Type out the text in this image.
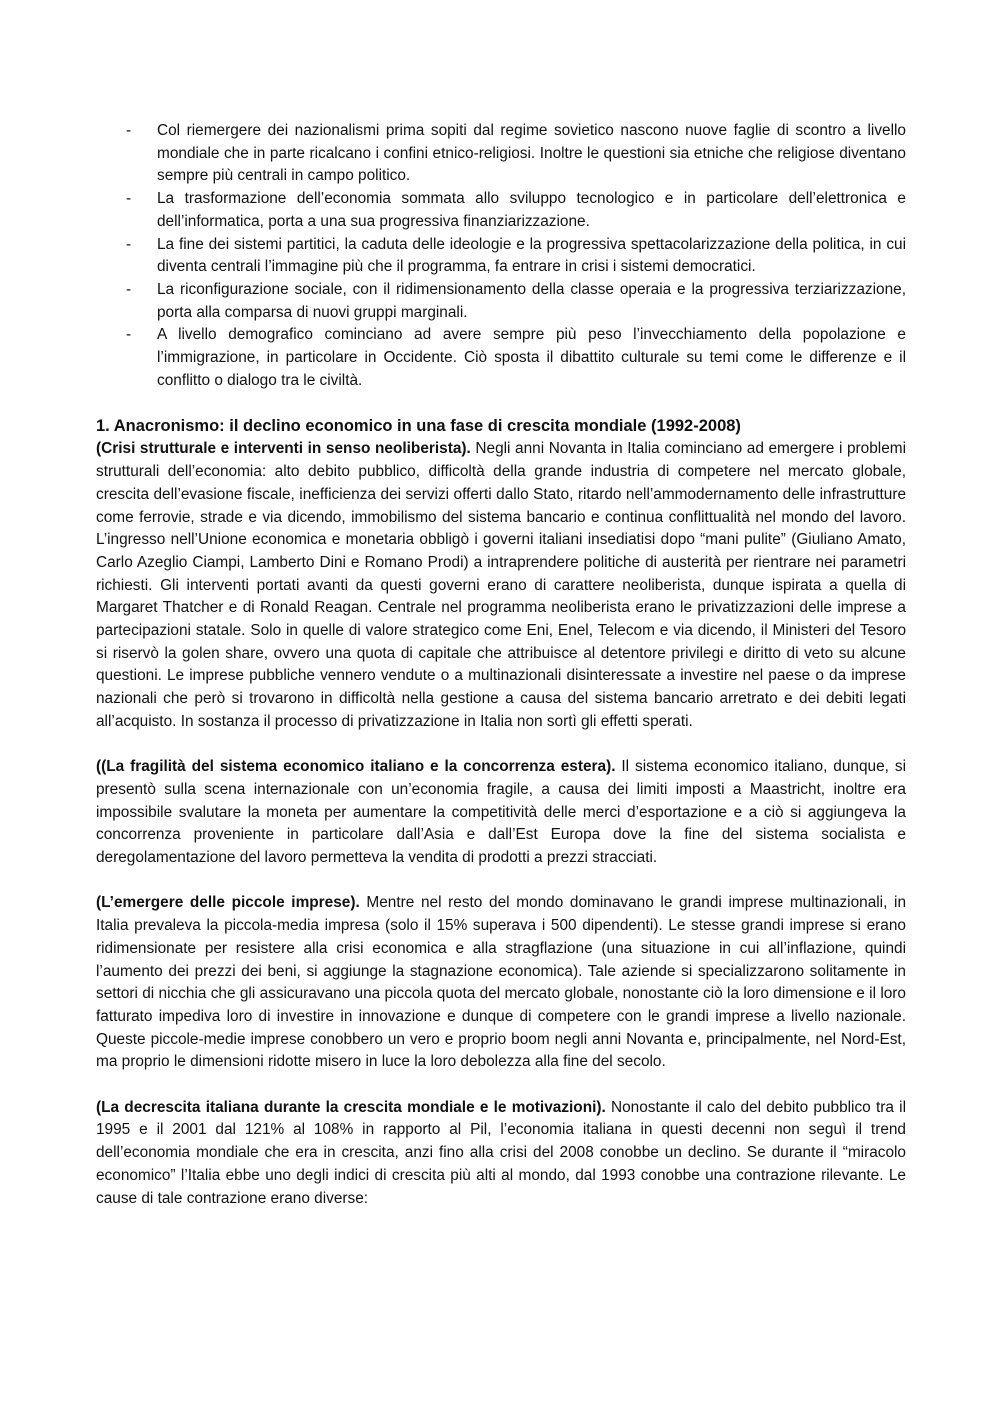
- Col riemergere dei nazionalismi prima sopiti dal regime sovietico nascono nuove faglie di scontro a livello mondiale che in parte ricalcano i confini etnico-religiosi. Inoltre le questioni sia etniche che religiose diventano sempre più centrali in campo politico.
- La trasformazione dell’economia sommata allo sviluppo tecnologico e in particolare dell’elettronica e dell’informatica, porta a una sua progressiva finanziarizzazione.
- La fine dei sistemi partitici, la caduta delle ideologie e la progressiva spettacolarizzazione della politica, in cui diventa centrali l’immagine più che il programma, fa entrare in crisi i sistemi democratici.
- La riconfigurazione sociale, con il ridimensionamento della classe operaia e la progressiva terziarizzazione, porta alla comparsa di nuovi gruppi marginali.
- A livello demografico cominciano ad avere sempre più peso l’invecchiamento della popolazione e l’immigrazione, in particolare in Occidente. Ciò sposta il dibattito culturale su temi come le differenze e il conflitto o dialogo tra le civiltà.
1. Anacronismo: il declino economico in una fase di crescita mondiale (1992-2008)

(Crisi strutturale e interventi in senso neoliberista). Negli anni Novanta in Italia cominciano ad emergere i problemi strutturali dell’economia: alto debito pubblico, difficoltà della grande industria di competere nel mercato globale, crescita dell’evasione fiscale, inefficienza dei servizi offerti dallo Stato, ritardo nell’ammodernamento delle infrastrutture come ferrovie, strade e via dicendo, immobilismo del sistema bancario e continua conflittualità nel mondo del lavoro. L’ingresso nell’Unione economica e monetaria obbligò i governi italiani insediatisi dopo “mani pulite” (Giuliano Amato, Carlo Azeglio Ciampi, Lamberto Dini e Romano Prodi) a intraprendere politiche di austerità per rientrare nei parametri richiesti. Gli interventi portati avanti da questi governi erano di carattere neoliberista, dunque ispirata a quella di Margaret Thatcher e di Ronald Reagan. Centrale nel programma neoliberista erano le privatizzazioni delle imprese a partecipazioni statale. Solo in quelle di valore strategico come Eni, Enel, Telecom e via dicendo, il Ministeri del Tesoro si riservò la golen share, ovvero una quota di capitale che attribuisce al detentore privilegi e diritto di veto su alcune questioni. Le imprese pubbliche vennero vendute o a multinazionali disinteressate a investire nel paese o da imprese nazionali che però si trovarono in difficoltà nella gestione a causa del sistema bancario arretrato e dei debiti legati all’acquisto. In sostanza il processo di privatizzazione in Italia non sortì gli effetti sperati.

((La fragilità del sistema economico italiano e la concorrenza estera). Il sistema economico italiano, dunque, si presentò sulla scena internazionale con un’economia fragile, a causa dei limiti imposti a Maastricht, inoltre era impossibile svalutare la moneta per aumentare la competitività delle merci d’esportazione e a ciò si aggiungeva la concorrenza proveniente in particolare dall’Asia e dall’Est Europa dove la fine del sistema socialista e deregolamentazione del lavoro permetteva la vendita di prodotti a prezzi stracciati.

(L’emergere delle piccole imprese). Mentre nel resto del mondo dominavano le grandi imprese multinazionali, in Italia prevaleva la piccola-media impresa (solo il 15% superava i 500 dipendenti). Le stesse grandi imprese si erano ridimensionate per resistere alla crisi economica e alla stragflazione (una situazione in cui all’inflazione, quindi l’aumento dei prezzi dei beni, si aggiunge la stagnazione economica). Tale aziende si specializzarono solitamente in settori di nicchia che gli assicuravano una piccola quota del mercato globale, nonostante ciò la loro dimensione e il loro fatturato impediva loro di investire in innovazione e dunque di competere con le grandi imprese a livello nazionale. Queste piccole-medie imprese conobbero un vero e proprio boom negli anni Novanta e, principalmente, nel Nord-Est, ma proprio le dimensioni ridotte misero in luce la loro debolezza alla fine del secolo.

(La decrescita italiana durante la crescita mondiale e le motivazioni). Nonostante il calo del debito pubblico tra il 1995 e il 2001 dal 121% al 108% in rapporto al Pil, l’economia italiana in questi decenni non seguì il trend dell’economia mondiale che era in crescita, anzi fino alla crisi del 2008 conobbe un declino. Se durante il “miracolo economico” l’Italia ebbe uno degli indici di crescita più alti al mondo, dal 1993 conobbe una contrazione rilevante. Le cause di tale contrazione erano diverse:
